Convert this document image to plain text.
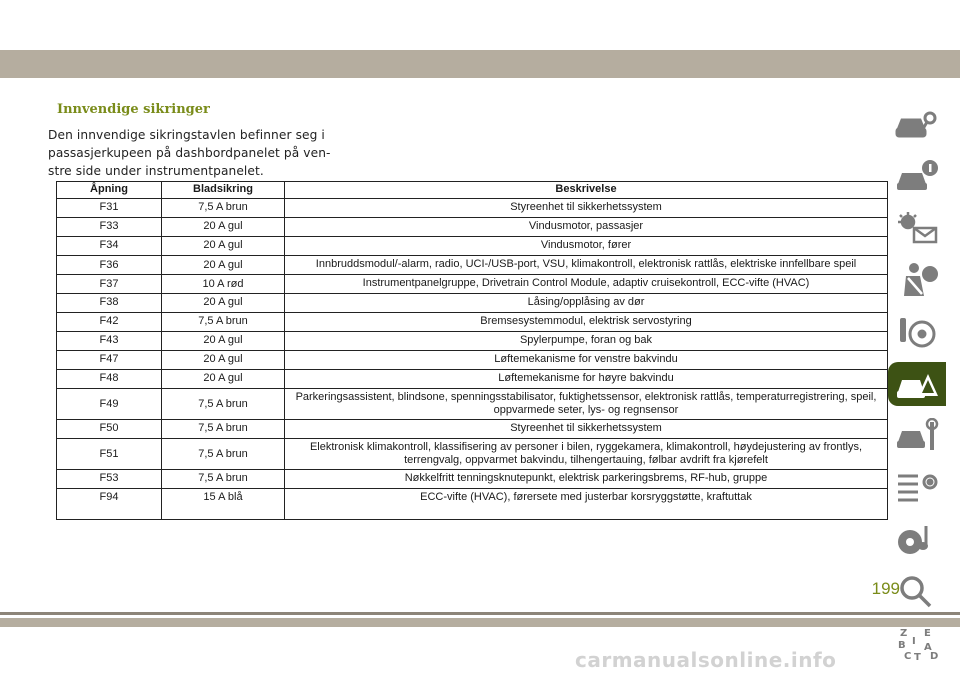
Innvendige sikringer
Den innvendige sikringstavlen befinner seg i passasjerkupeen på dashbordpanelet på ven-stre side under instrumentpanelet.
Åpning	Bladsikring	Beskrivelse
F31	7,5 A brun	Styreenhet til sikkerhetssystem
F33	20 A gul	Vindusmotor, passasjer
F34	20 A gul	Vindusmotor, fører
F36	20 A gul	Innbruddsmodul/-alarm, radio, UCI-/USB-port, VSU, klimakontroll, elektronisk rattlås, elektriske innfellbare speil
F37	10 A rød	Instrumentpanelgruppe, Drivetrain Control Module, adaptiv cruisekontroll, ECC-vifte (HVAC)
F38	20 A gul	Låsing/opplåsing av dør
F42	7,5 A brun	Bremsesystemmodul, elektrisk servostyring
F43	20 A gul	Spylerpumpe, foran og bak
F47	20 A gul	Løftemekanisme for venstre bakvindu
F48	20 A gul	Løftemekanisme for høyre bakvindu
F49	7,5 A brun	Parkeringsassistent, blindsone, spenningsstabilisator, fuktighetssensor, elektronisk rattlås, temperaturregistrering, speil, oppvarmede seter, lys- og regnsensor
F50	7,5 A brun	Styreenhet til sikkerhetssystem
F51	7,5 A brun	Elektronisk klimakontroll, klassifisering av personer i bilen, ryggekamera, klimakontroll, høydejustering av frontlys, terrengvalg, oppvarmet bakvindu, tilhengertauing, følbar avdrift fra kjørefelt
F53	7,5 A brun	Nøkkelfritt tenningsknutepunkt, elektrisk parkeringsbrems, RF-hub, gruppe
F94	15 A blå	ECC-vifte (HVAC), førersete med justerbar korsryggstøtte, kraftuttak
Z E
B A
C T D
I
199
carmanualsonline.info
